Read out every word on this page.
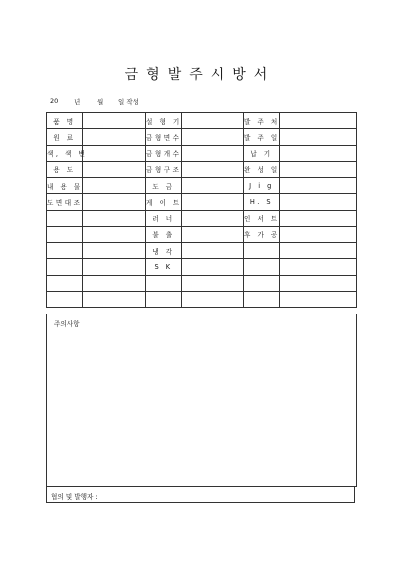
금형발주시방서
20 년	월 일 작성
품 명		설 형 기		발 주 처	
원 료		금형면수		발 주 일	
색, 색 번		금형개수		납 기	
용 도		금형구조		완 성 일	
내 용 물		도 금		J i g	
도면대조		게 이 트		H. S	
		러 너		인 서 트	
		불 출		후 가 공	
		냉 각			
		S K			

주의사항
협의 및 발행자 :
